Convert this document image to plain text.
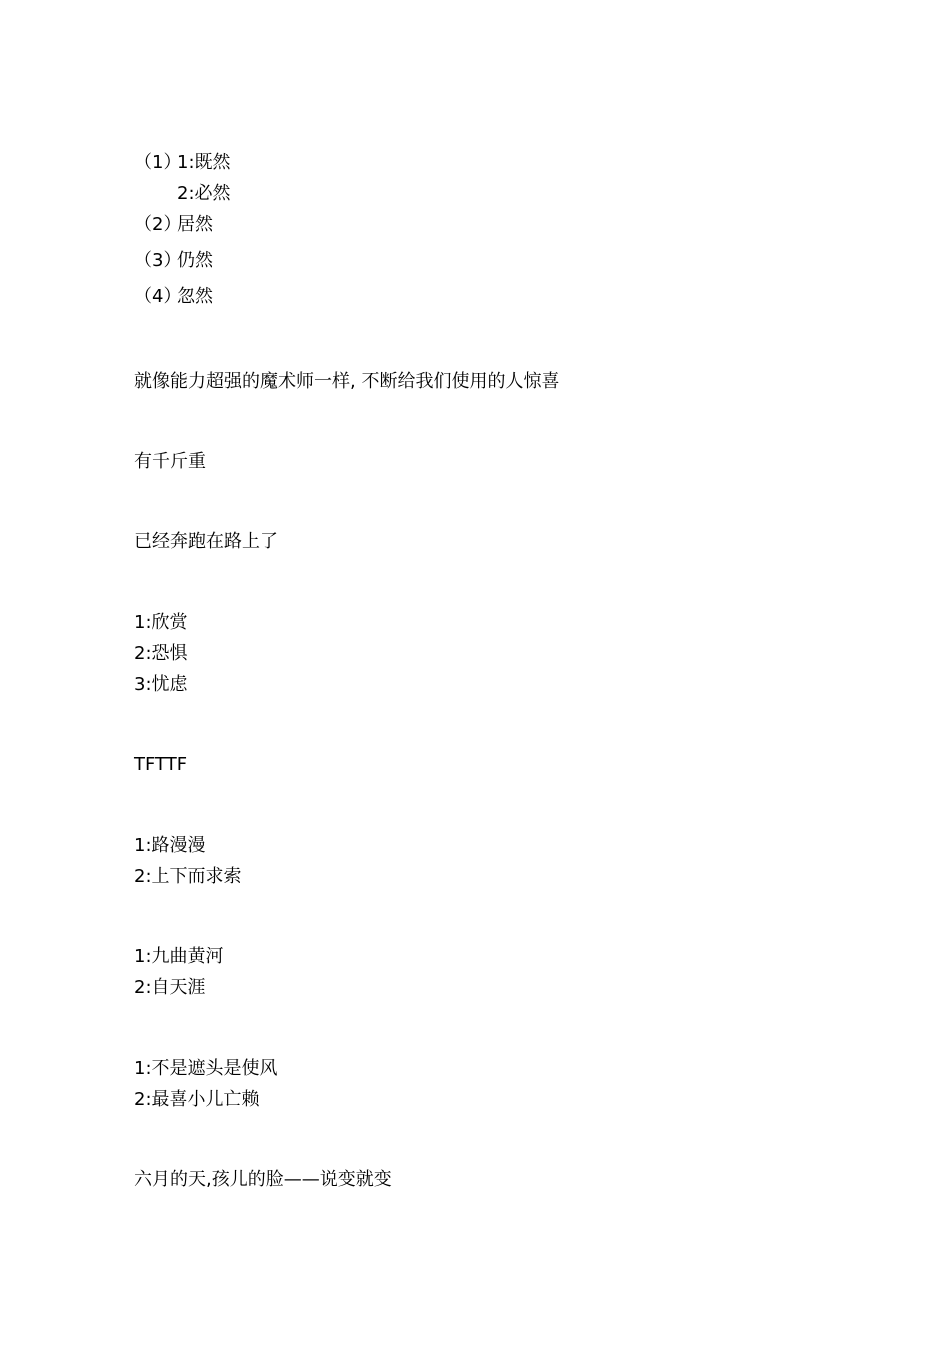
（1）
1:既然
2:必然
（2）
居然
（3）
仍然
（4）
忽然
就像能力超强的魔术师一样, 不断给我们使用的人惊喜
有千斤重
已经奔跑在路上了
1:欣赏
2:恐惧
3:忧虑
TFTTF
1:路漫漫
2:上下而求索
1:九曲黄河
2:自天涯
1:不是遮头是使风
2:最喜小儿亡赖
六月的天,孩儿的脸——说变就变
